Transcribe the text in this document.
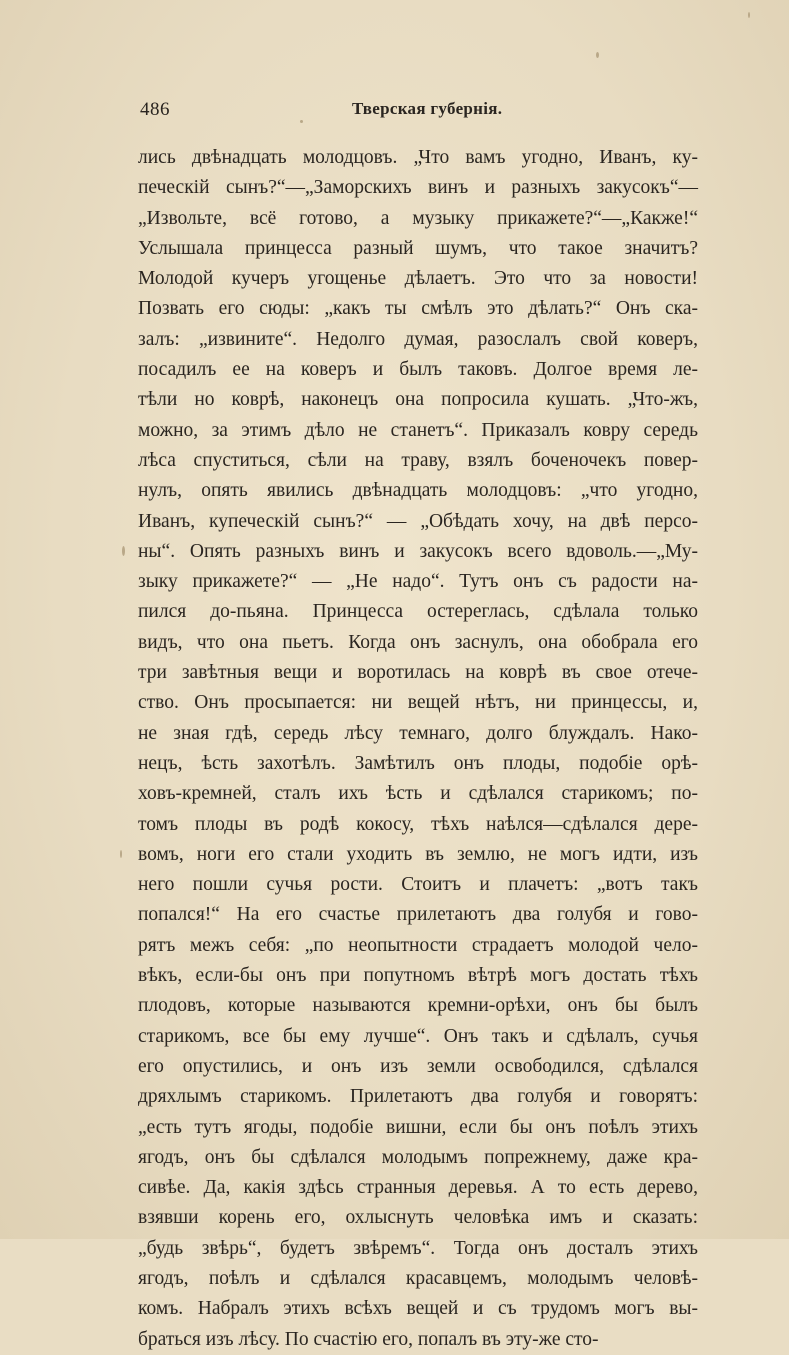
486	Тверская губернія.
лись двѣнадцать молодцовъ. „Что вамъ угодно, Иванъ, ку-
печескій сынъ?“—„Заморскихъ винъ и разныхъ закусокъ“—
„Извольте, всё готово, а музыку прикажете?“—„Какже!“
Услышала принцесса разный шумъ, что такое значитъ?
Молодой кучеръ угощенье дѣлаетъ. Это что за новости!
Позвать его сюды: „какъ ты смѣлъ это дѣлать?“ Онъ ска-
залъ: „извините“. Недолго думая, разослалъ свой коверъ,
посадилъ ее на коверъ и былъ таковъ. Долгое время ле-
тѣли но коврѣ, наконецъ она попросила кушать. „Что-жъ,
можно, за этимъ дѣло не станетъ“. Приказалъ ковру середь
лѣса спуститься, сѣли на траву, взялъ боченочекъ повер-
нулъ, опять явились двѣнадцать молодцовъ: „что угодно,
Иванъ, купеческій сынъ?“ — „Обѣдать хочу, на двѣ персо-
ны“. Опять разныхъ винъ и закусокъ всего вдоволь.—„Му-
зыку прикажете?“ — „Не надо“. Тутъ онъ съ радости на-
пился до-пьяна. Принцесса остереглась, сдѣлала только
видъ, что она пьетъ. Когда онъ заснулъ, она обобрала его
три завѣтныя вещи и воротилась на коврѣ въ свое отече-
ство. Онъ просыпается: ни вещей нѣтъ, ни принцессы, и,
не зная гдѣ, середь лѣсу темнаго, долго блуждалъ. Нако-
нецъ, ѣсть захотѣлъ. Замѣтилъ онъ плоды, подобіе орѣ-
ховъ-кремней, сталъ ихъ ѣсть и сдѣлался старикомъ; по-
томъ плоды въ родѣ кокосу, тѣхъ наѣлся—сдѣлался дере-
вомъ, ноги его стали уходить въ землю, не могъ идти, изъ
него пошли сучья рости. Стоитъ и плачетъ: „вотъ такъ
попался!“ На его счастье прилетаютъ два голубя и гово-
рятъ межъ себя: „по неопытности страдаетъ молодой чело-
вѣкъ, если-бы онъ при попутномъ вѣтрѣ могъ достать тѣхъ
плодовъ, которые называются кремни-орѣхи, онъ бы былъ
старикомъ, все бы ему лучше“. Онъ такъ и сдѣлалъ, сучья
его опустились, и онъ изъ земли освободился, сдѣлался
дряхлымъ старикомъ. Прилетаютъ два голубя и говорятъ:
„есть тутъ ягоды, подобіе вишни, если бы онъ поѣлъ этихъ
ягодъ, онъ бы сдѣлался молодымъ попрежнему, даже кра-
сивѣе. Да, какія здѣсь странныя деревья. А то есть дерево,
взявши корень его, охлыснуть человѣка имъ и сказать:
„будь звѣрь“, будетъ звѣремъ“. Тогда онъ досталъ этихъ
ягодъ, поѣлъ и сдѣлался красавцемъ, молодымъ человѣ-
комъ. Набралъ этихъ всѣхъ вещей и съ трудомъ могъ вы-
браться изъ лѣсу. По счастію его, попалъ въ эту-же сто-
